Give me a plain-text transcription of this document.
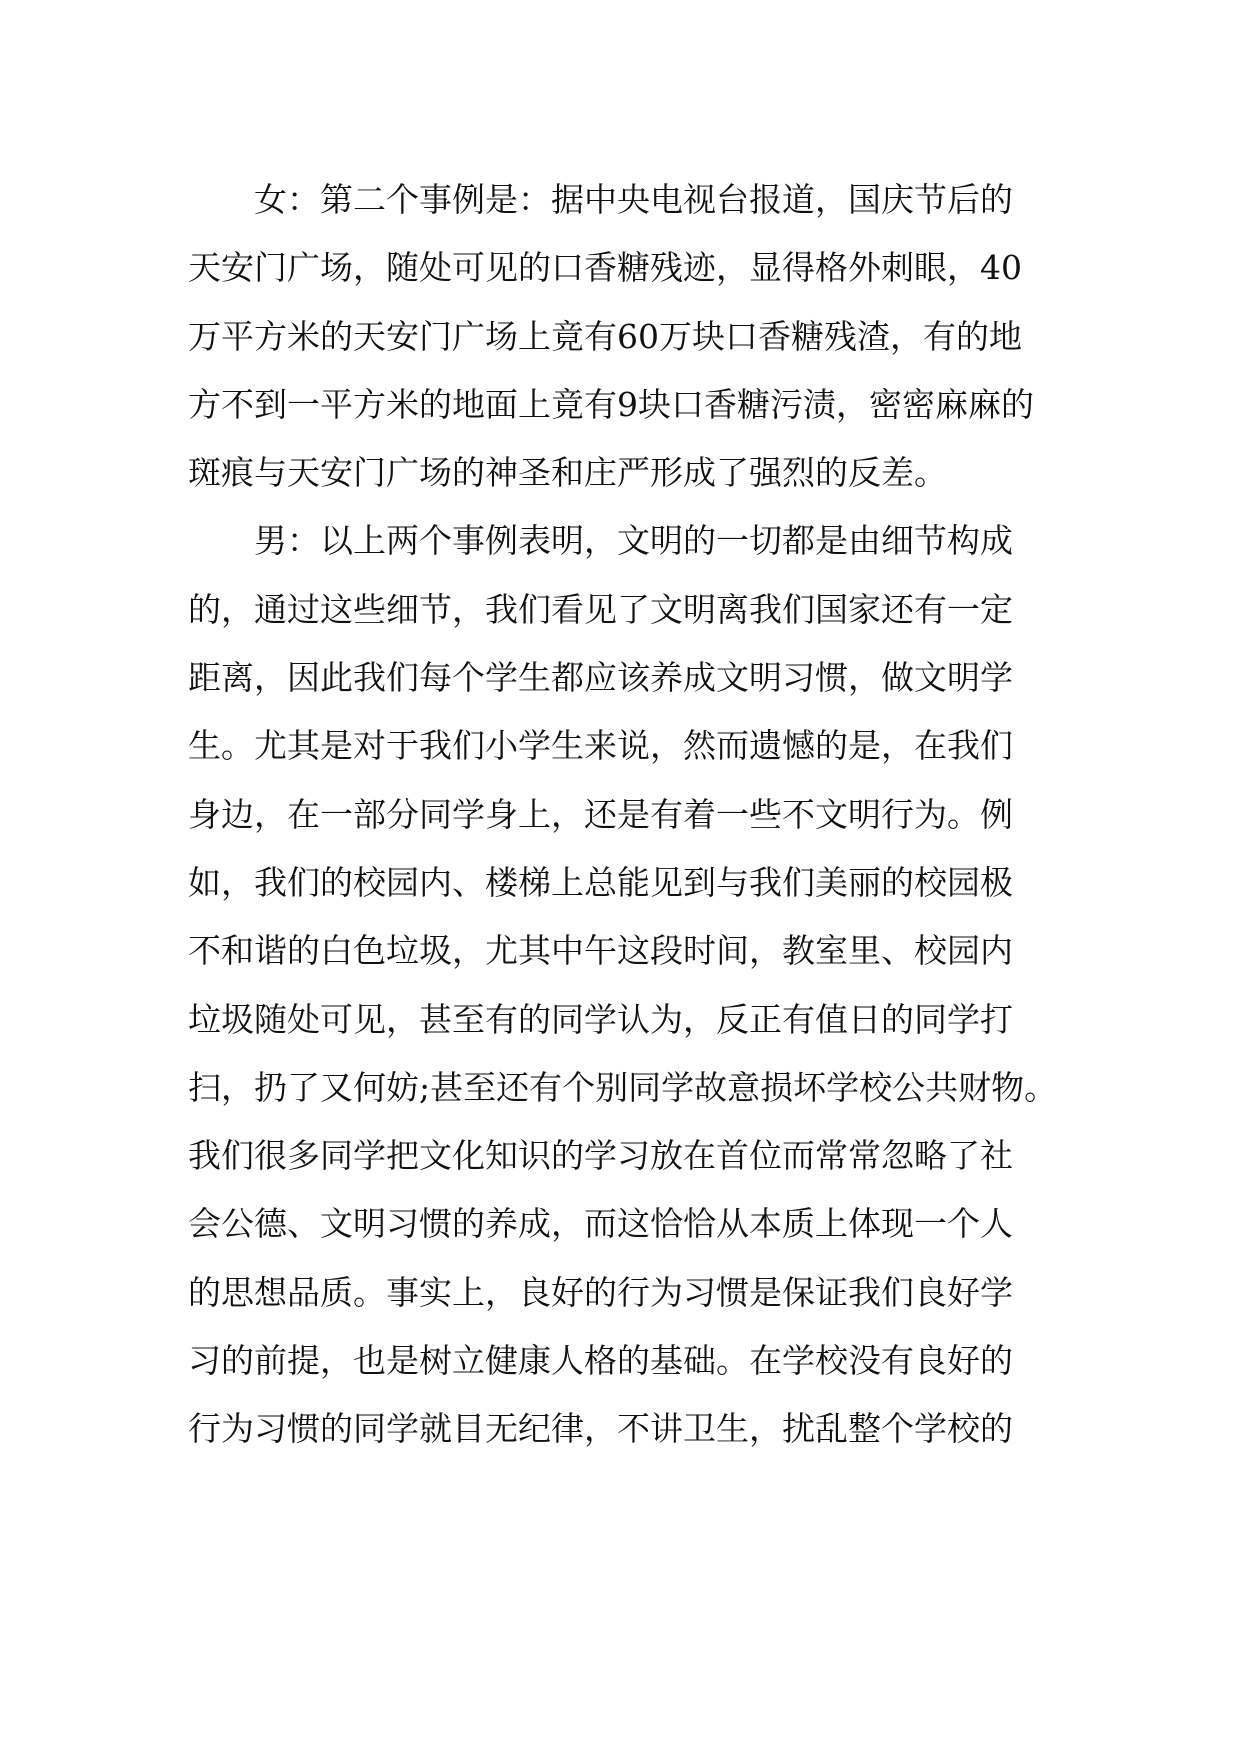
　　女：第二个事例是：据中央电视台报道，国庆节后的
天安门广场，随处可见的口香糖残迹，显得格外刺眼，40
万平方米的天安门广场上竟有60万块口香糖残渣，有的地
方不到一平方米的地面上竟有9块口香糖污渍，密密麻麻的
斑痕与天安门广场的神圣和庄严形成了强烈的反差。
　　男：以上两个事例表明，文明的一切都是由细节构成
的，通过这些细节，我们看见了文明离我们国家还有一定
距离，因此我们每个学生都应该养成文明习惯，做文明学
生。尤其是对于我们小学生来说，然而遗憾的是，在我们
身边，在一部分同学身上，还是有着一些不文明行为。例
如，我们的校园内、楼梯上总能见到与我们美丽的校园极
不和谐的白色垃圾，尤其中午这段时间，教室里、校园内
垃圾随处可见，甚至有的同学认为，反正有值日的同学打
扫，扔了又何妨;甚至还有个别同学故意损坏学校公共财物。
我们很多同学把文化知识的学习放在首位而常常忽略了社
会公德、文明习惯的养成，而这恰恰从本质上体现一个人
的思想品质。事实上，良好的行为习惯是保证我们良好学
习的前提，也是树立健康人格的基础。在学校没有良好的
行为习惯的同学就目无纪律，不讲卫生，扰乱整个学校的
